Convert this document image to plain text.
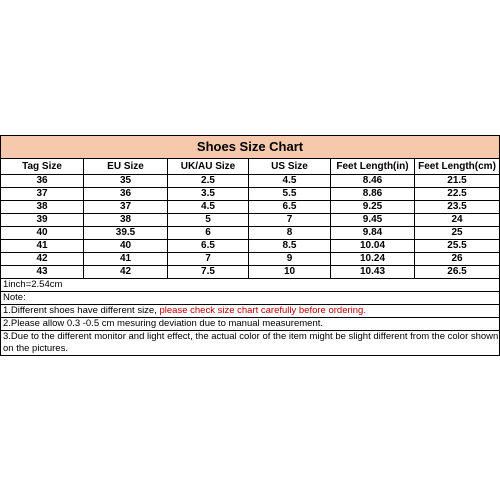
Shoes Size Chart					
Tag Size	EU Size	UK/AU Size	US Size	Feet Length(in)	Feet Length(cm)
36	35	2.5	4.5	8.46	21.5
37	36	3.5	5.5	8.86	22.5
38	37	4.5	6.5	9.25	23.5
39	38	5	7	9.45	24
40	39.5	6	8	9.84	25
41	40	6.5	8.5	10.04	25.5
42	41	7	9	10.24	26
43	42	7.5	10	10.43	26.5
1inch=2.54cm					
Note:					
1.Different shoes have different size, please check size chart carefully before ordering.					
2.Please allow 0.3 -0.5 cm mesuring deviation due to manual measurement.					
3.Due to the different monitor and light effect, the actual color of the item might be slight different from the color shown on the pictures.					
